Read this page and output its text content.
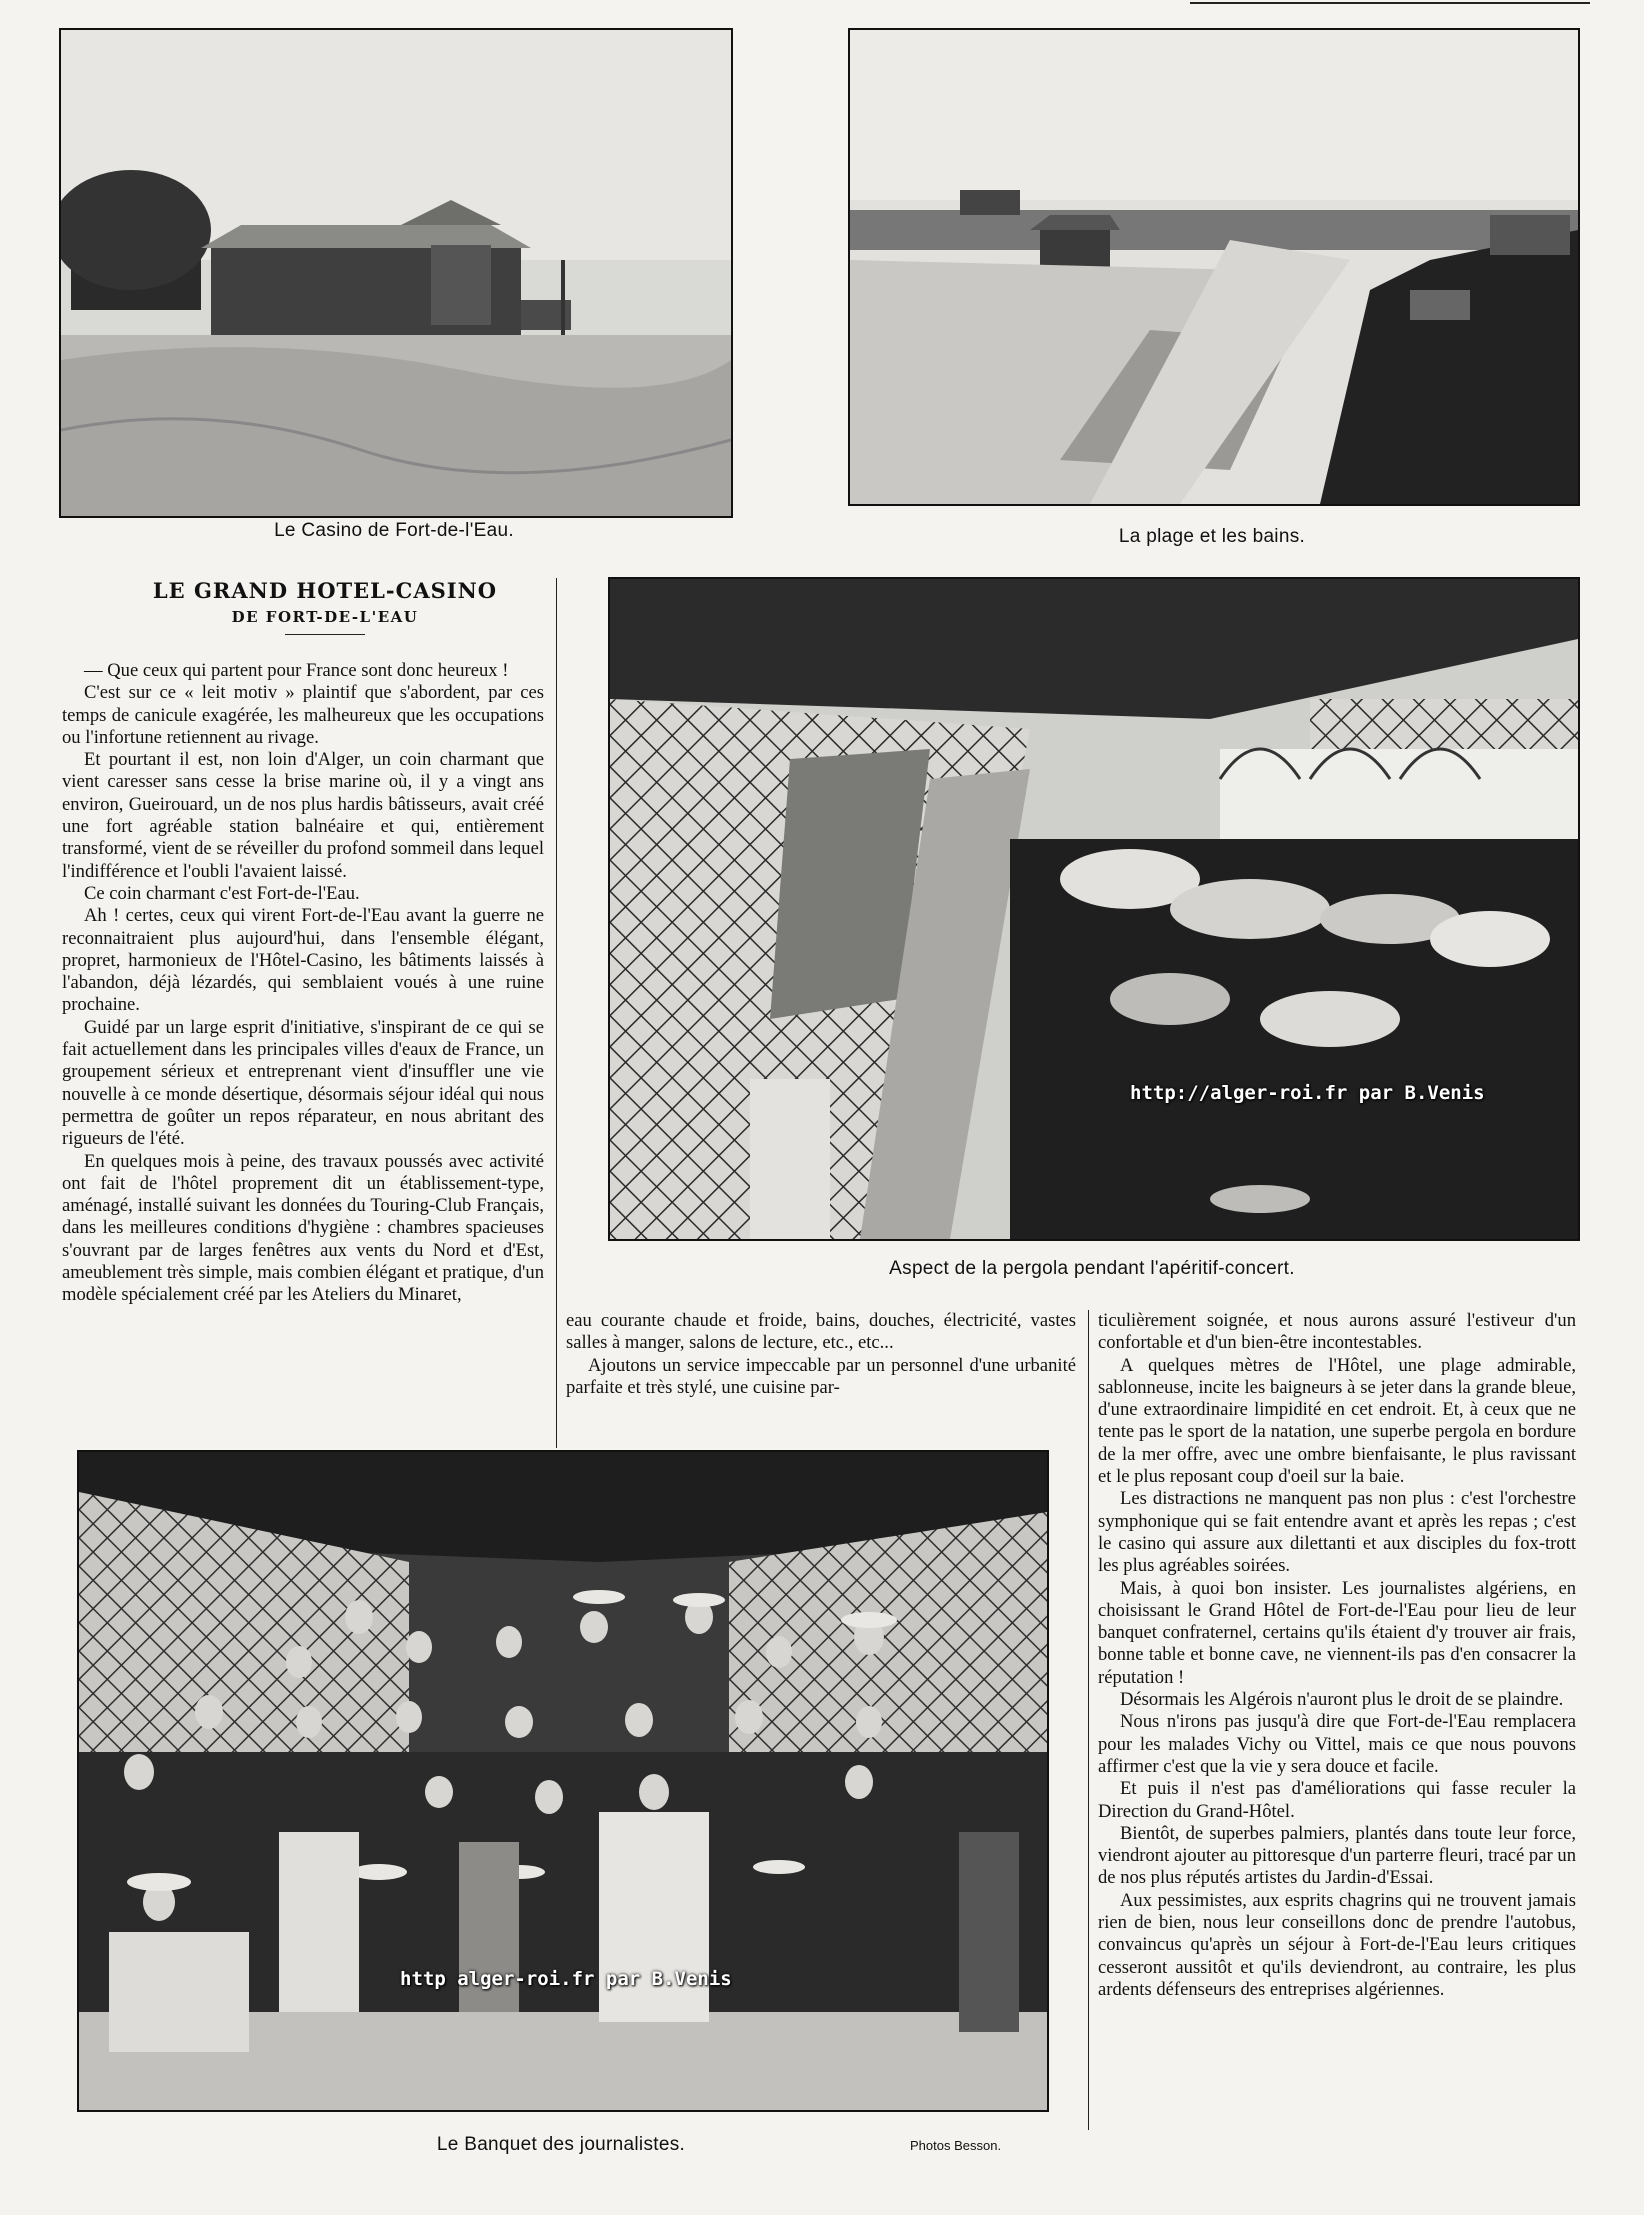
Le Casino de Fort-de-l'Eau.	La plage et les bains.
http://alger-roi.fr par B.Venis
Aspect de la pergola pendant l'apéritif-concert.
http alger-roi.fr par B.Venis
Le Banquet des journalistes.	Photos Besson.
LE GRAND HOTEL-CASINO
DE FORT-DE-L'EAU

— Que ceux qui partent pour France sont donc heureux !

C'est sur ce « leit motiv » plaintif que s'abordent, par ces temps de canicule exagérée, les malheureux que les occupations ou l'infortune retiennent au rivage.

Et pourtant il est, non loin d'Alger, un coin charmant que vient caresser sans cesse la brise marine où, il y a vingt ans environ, Gueirouard, un de nos plus hardis bâtisseurs, avait créé une fort agréable station balnéaire et qui, entièrement transformé, vient de se réveiller du profond sommeil dans lequel l'indifférence et l'oubli l'avaient laissé.

Ce coin charmant c'est Fort-de-l'Eau.

Ah ! certes, ceux qui virent Fort-de-l'Eau avant la guerre ne reconnaitraient plus aujourd'hui, dans l'ensemble élégant, propret, harmonieux de l'Hôtel-Casino, les bâtiments laissés à l'abandon, déjà lézardés, qui semblaient voués à une ruine prochaine.

Guidé par un large esprit d'initiative, s'inspirant de ce qui se fait actuellement dans les principales villes d'eaux de France, un groupement sérieux et entreprenant vient d'insuffler une vie nouvelle à ce monde désertique, désormais séjour idéal qui nous permettra de goûter un repos réparateur, en nous abritant des rigueurs de l'été.

En quelques mois à peine, des travaux poussés avec activité ont fait de l'hôtel proprement dit un établissement-type, aménagé, installé suivant les données du Touring-Club Français, dans les meilleures conditions d'hygiène : chambres spacieuses s'ouvrant par de larges fenêtres aux vents du Nord et d'Est, ameublement très simple, mais combien élégant et pratique, d'un modèle spécialement créé par les Ateliers du Minaret,

eau courante chaude et froide, bains, douches, électricité, vastes salles à manger, salons de lecture, etc., etc...

Ajoutons un service impeccable par un personnel d'une urbanité parfaite et très stylé, une cuisine par-

ticulièrement soignée, et nous aurons assuré l'estiveur d'un confortable et d'un bien-être incontestables.

A quelques mètres de l'Hôtel, une plage admirable, sablonneuse, incite les baigneurs à se jeter dans la grande bleue, d'une extraordinaire limpidité en cet endroit. Et, à ceux que ne tente pas le sport de la natation, une superbe pergola en bordure de la mer offre, avec une ombre bienfaisante, le plus ravissant et le plus reposant coup d'oeil sur la baie.

Les distractions ne manquent pas non plus : c'est l'orchestre symphonique qui se fait entendre avant et après les repas ; c'est le casino qui assure aux dilettanti et aux disciples du fox-trott les plus agréables soirées.

Mais, à quoi bon insister. Les journalistes algériens, en choisissant le Grand Hôtel de Fort-de-l'Eau pour lieu de leur banquet confraternel, certains qu'ils étaient d'y trouver air frais, bonne table et bonne cave, ne viennent-ils pas d'en consacrer la réputation !

Désormais les Algérois n'auront plus le droit de se plaindre.

Nous n'irons pas jusqu'à dire que Fort-de-l'Eau remplacera pour les malades Vichy ou Vittel, mais ce que nous pouvons affirmer c'est que la vie y sera douce et facile.

Et puis il n'est pas d'améliorations qui fasse reculer la Direction du Grand-Hôtel.

Bientôt, de superbes palmiers, plantés dans toute leur force, viendront ajouter au pittoresque d'un parterre fleuri, tracé par un de nos plus réputés artistes du Jardin-d'Essai.

Aux pessimistes, aux esprits chagrins qui ne trouvent jamais rien de bien, nous leur conseillons donc de prendre l'autobus, convaincus qu'après un séjour à Fort-de-l'Eau leurs critiques cesseront aussitôt et qu'ils deviendront, au contraire, les plus ardents défenseurs des entreprises algériennes.
